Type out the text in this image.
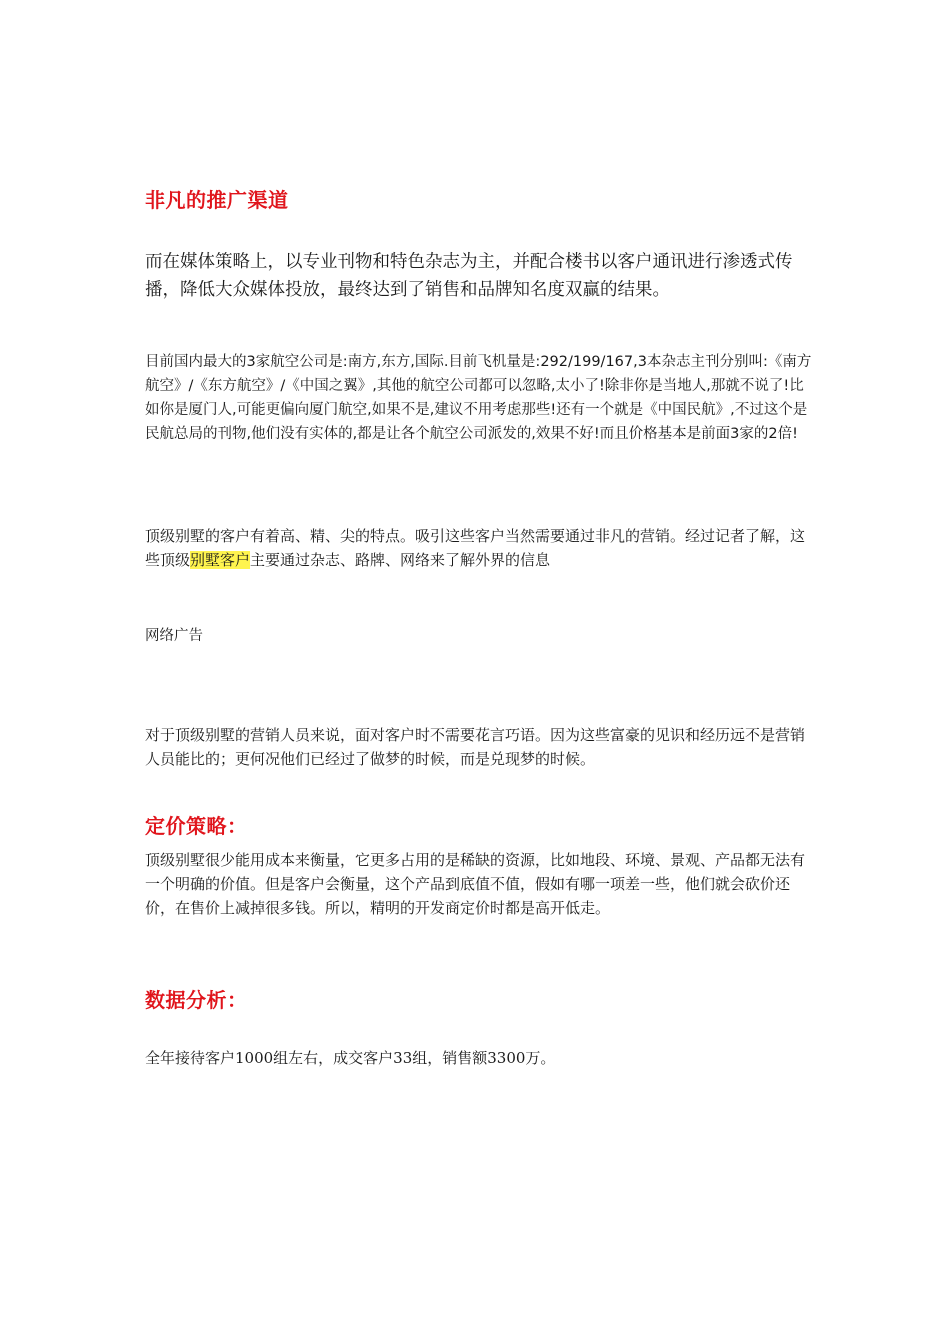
非凡的推广渠道

而在媒体策略上，以专业刊物和特色杂志为主，并配合楼书以客户通讯进行渗透式传播，降低大众媒体投放，最终达到了销售和品牌知名度双赢的结果。

目前国内最大的3家航空公司是:南方,东方,国际.目前飞机量是:292/199/167,3本杂志主刊分别叫:《南方航空》/《东方航空》/《中国之翼》,其他的航空公司都可以忽略,太小了!除非你是当地人,那就不说了!比如你是厦门人,可能更偏向厦门航空,如果不是,建议不用考虑那些!还有一个就是《中国民航》,不过这个是民航总局的刊物,他们没有实体的,都是让各个航空公司派发的,效果不好!而且价格基本是前面3家的2倍!

顶级别墅的客户有着高、精、尖的特点。吸引这些客户当然需要通过非凡的营销。经过记者了解，这些顶级别墅客户主要通过杂志、路牌、网络来了解外界的信息

网络广告

对于顶级别墅的营销人员来说，面对客户时不需要花言巧语。因为这些富豪的见识和经历远不是营销人员能比的；更何况他们已经过了做梦的时候，而是兑现梦的时候。

定价策略：

顶级别墅很少能用成本来衡量，它更多占用的是稀缺的资源，比如地段、环境、景观、产品都无法有一个明确的价值。但是客户会衡量，这个产品到底值不值，假如有哪一项差一些，他们就会砍价还价，在售价上减掉很多钱。所以，精明的开发商定价时都是高开低走。

数据分析：

全年接待客户1000组左右，成交客户33组，销售额3300万。
